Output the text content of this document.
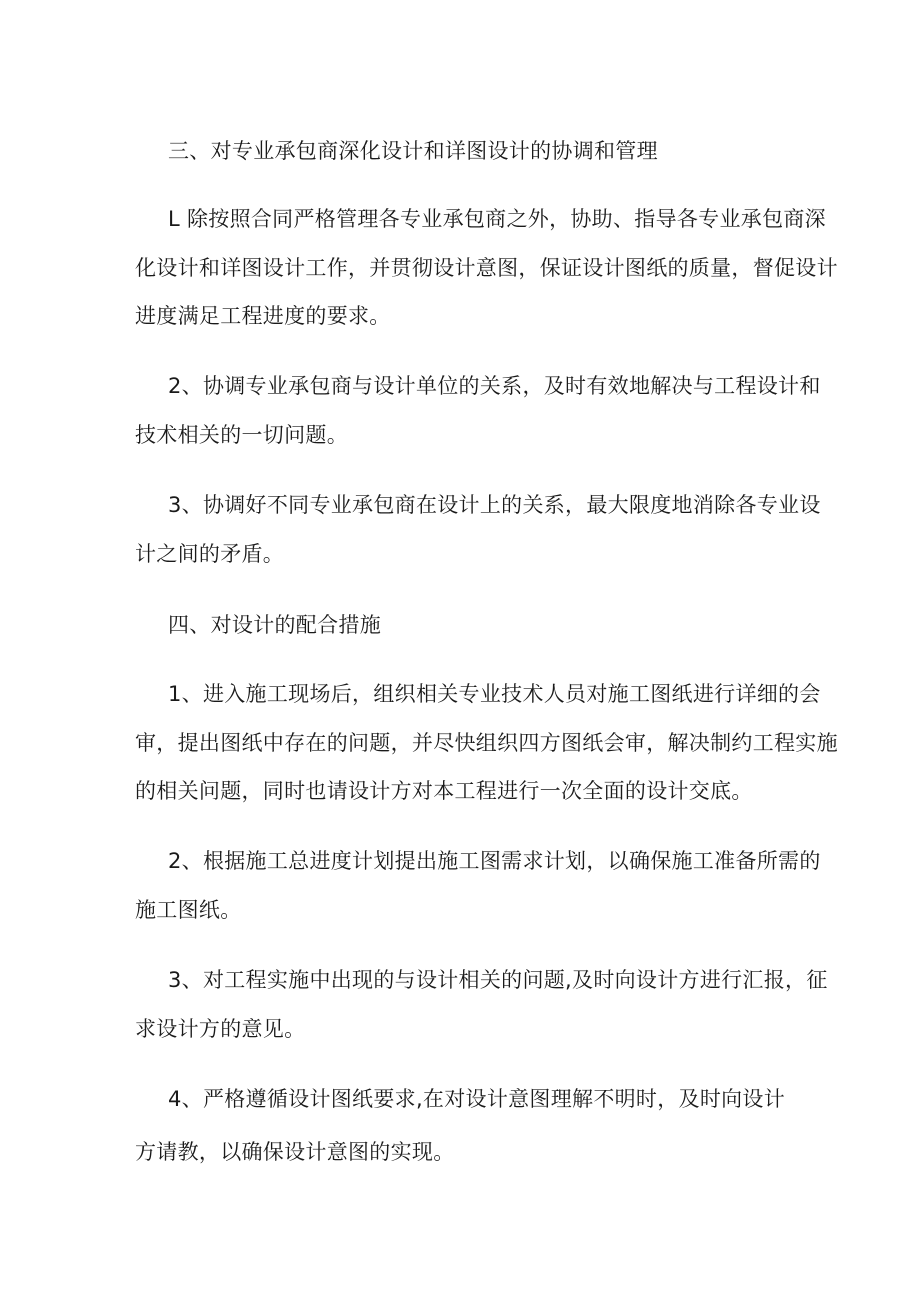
三、对专业承包商深化设计和详图设计的协调和管理
L 除按照合同严格管理各专业承包商之外，协助、指导各专业承包商深
化设计和详图设计工作，并贯彻设计意图，保证设计图纸的质量，督促设计
进度满足工程进度的要求。
2、协调专业承包商与设计单位的关系，及时有效地解决与工程设计和
技术相关的一切问题。
3、协调好不同专业承包商在设计上的关系，最大限度地消除各专业设
计之间的矛盾。
四、对设计的配合措施
1、进入施工现场后，组织相关专业技术人员对施工图纸进行详细的会
审，提出图纸中存在的问题，并尽快组织四方图纸会审，解决制约工程实施
的相关问题，同时也请设计方对本工程进行一次全面的设计交底。
2、根据施工总进度计划提出施工图需求计划，以确保施工准备所需的
施工图纸。
3、对工程实施中出现的与设计相关的问题,及时向设计方进行汇报，征
求设计方的意见。
4、严格遵循设计图纸要求,在对设计意图理解不明时，及时向设计
方请教，以确保设计意图的实现。
